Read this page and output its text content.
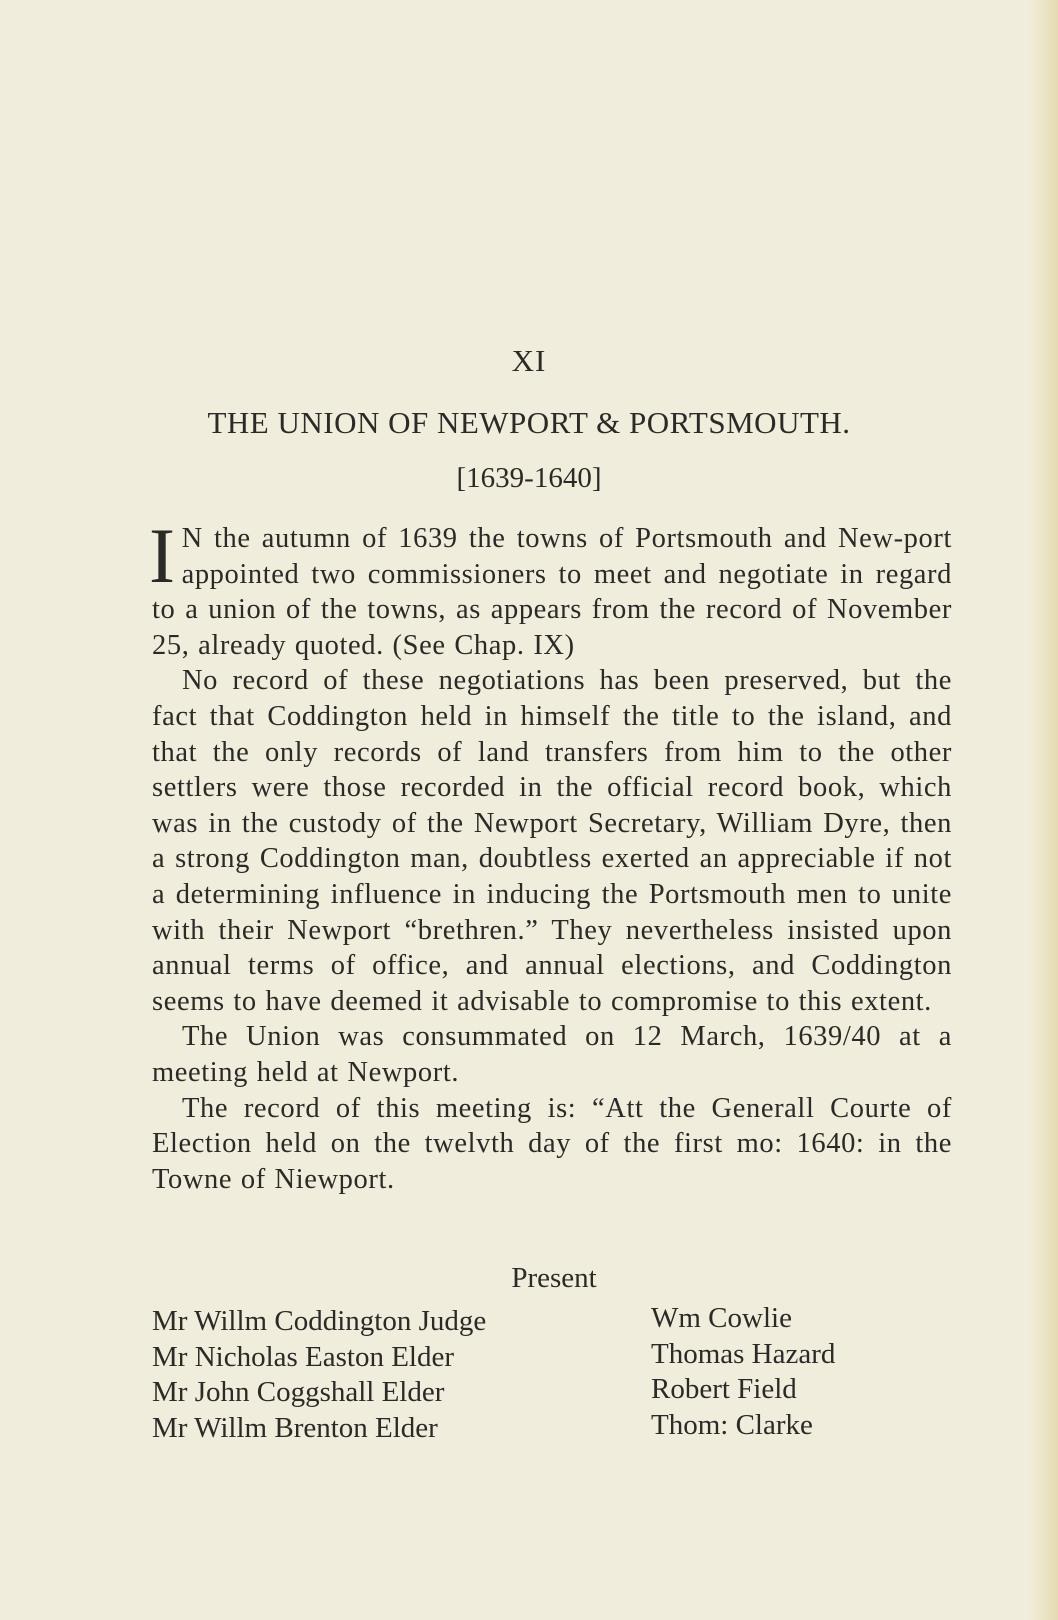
XI
THE UNION OF NEWPORT & PORTSMOUTH.
[1639-1640]

I N the autumn of 1639 the towns of Portsmouth and New-port appointed two commissioners to meet and negotiate in regard to a union of the towns, as appears from the record of November 25, already quoted. (See Chap. IX)

No record of these negotiations has been preserved, but the fact that Coddington held in himself the title to the island, and that the only records of land transfers from him to the other settlers were those recorded in the official record book, which was in the custody of the Newport Secretary, William Dyre, then a strong Coddington man, doubtless exerted an appreciable if not a determining influence in inducing the Portsmouth men to unite with their Newport “brethren.” They nevertheless insisted upon annual terms of office, and annual elections, and Coddington seems to have deemed it advisable to compromise to this extent.

The Union was consummated on 12 March, 1639/40 at a meeting held at Newport.

The record of this meeting is: “Att the Generall Courte of Election held on the twelvth day of the first mo: 1640: in the Towne of Niewport.

Present
Mr Willm Coddington Judge
Mr Nicholas Easton Elder
Mr John Coggshall Elder
Mr Willm Brenton Elder
Wm Cowlie
Thomas Hazard
Robert Field
Thom: Clarke
